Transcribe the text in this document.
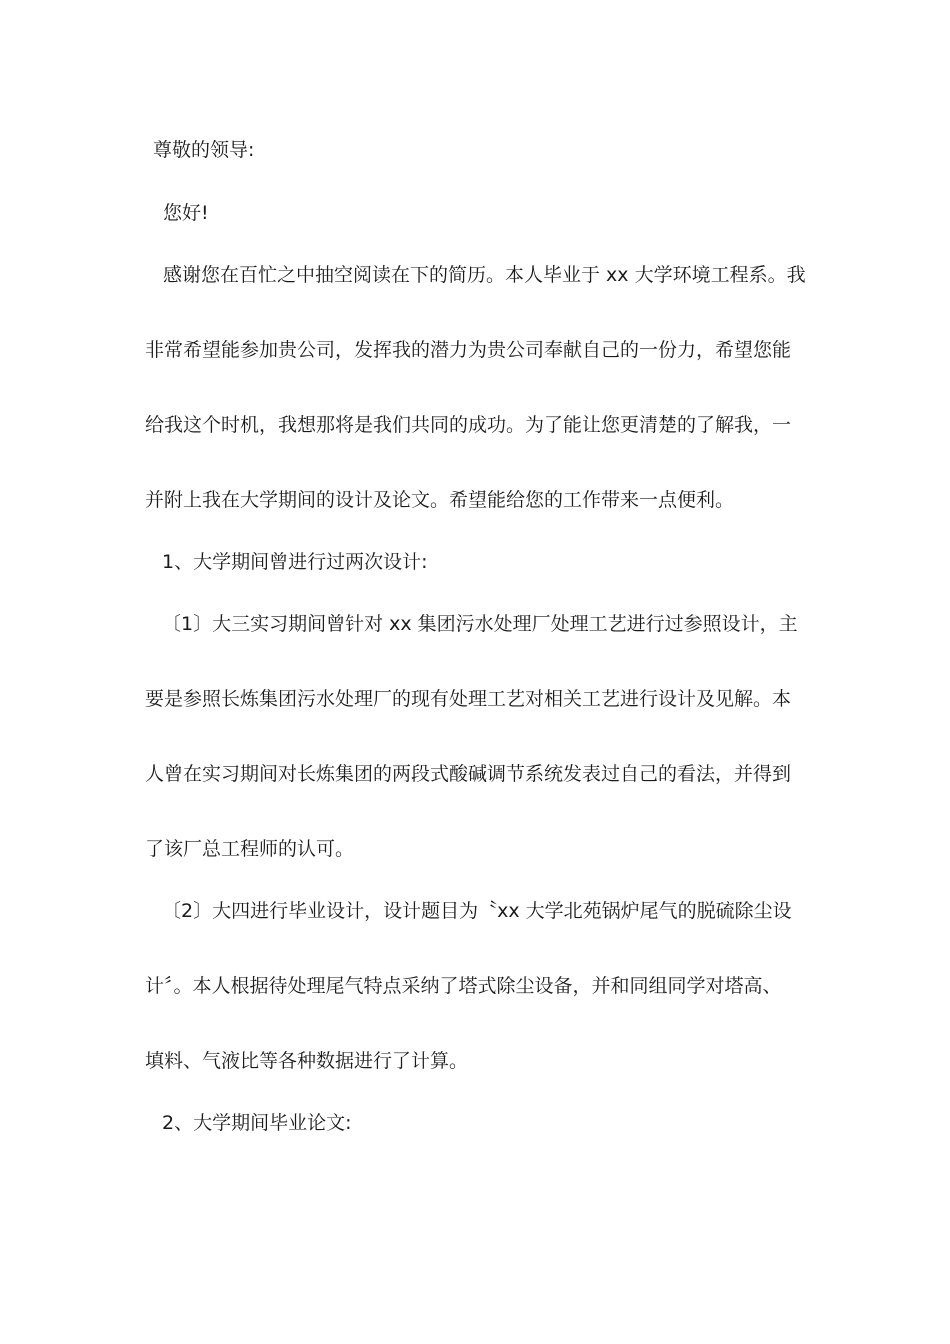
尊敬的领导:

您好!

感谢您在百忙之中抽空阅读在下的简历。本人毕业于 xx 大学环境工程系。我

非常希望能参加贵公司，发挥我的潜力为贵公司奉献自己的一份力，希望您能

给我这个时机，我想那将是我们共同的成功。为了能让您更清楚的了解我，一

并附上我在大学期间的设计及论文。希望能给您的工作带来一点便利。

1、大学期间曾进行过两次设计:

〔1〕大三实习期间曾针对 xx 集团污水处理厂处理工艺进行过参照设计，主

要是参照长炼集团污水处理厂的现有处理工艺对相关工艺进行设计及见解。本

人曾在实习期间对长炼集团的两段式酸碱调节系统发表过自己的看法，并得到

了该厂总工程师的认可。

〔2〕大四进行毕业设计，设计题目为〝xx 大学北苑锅炉尾气的脱硫除尘设

计〞。本人根据待处理尾气特点采纳了塔式除尘设备，并和同组同学对塔高、

填料、气液比等各种数据进行了计算。

2、大学期间毕业论文:
